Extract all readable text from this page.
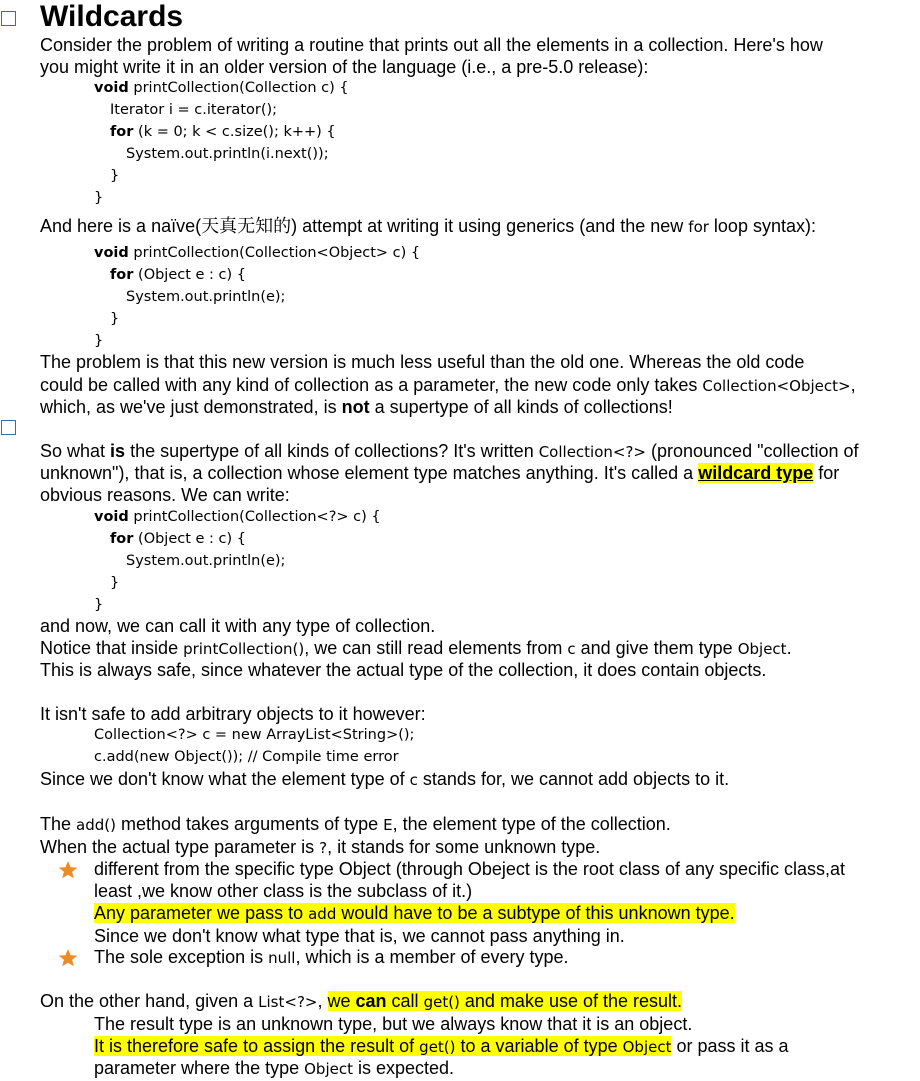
Wildcards
Consider the problem of writing a routine that prints out all the elements in a collection. Here's how
you might write it in an older version of the language (i.e., a pre-5.0 release):
void printCollection(Collection c) {
Iterator i = c.iterator();
for (k = 0; k < c.size(); k++) {
System.out.println(i.next());
}
}
And here is a naïve(天真无知的) attempt at writing it using generics (and the new for loop syntax):
void printCollection(Collection<Object> c) {
for (Object e : c) {
System.out.println(e);
}
}
The problem is that this new version is much less useful than the old one. Whereas the old code
could be called with any kind of collection as a parameter, the new code only takes Collection<Object>,
which, as we've just demonstrated, is not a supertype of all kinds of collections!
So what is the supertype of all kinds of collections? It's written Collection<?> (pronounced "collection of
unknown"), that is, a collection whose element type matches anything. It's called a wildcard type for
obvious reasons. We can write:
void printCollection(Collection<?> c) {
for (Object e : c) {
System.out.println(e);
}
}
and now, we can call it with any type of collection.
Notice that inside printCollection(), we can still read elements from c and give them type Object.
This is always safe, since whatever the actual type of the collection, it does contain objects.
It isn't safe to add arbitrary objects to it however:
Collection<?> c = new ArrayList<String>();
c.add(new Object()); // Compile time error
Since we don't know what the element type of c stands for, we cannot add objects to it.
The add() method takes arguments of type E, the element type of the collection.
When the actual type parameter is ?, it stands for some unknown type.
different from the specific type Object (through Obeject is the root class of any specific class,at
least ,we know other class is the subclass of it.)
Any parameter we pass to add would have to be a subtype of this unknown type.
Since we don't know what type that is, we cannot pass anything in.
The sole exception is null, which is a member of every type.
On the other hand, given a List<?>, we can call get() and make use of the result.
The result type is an unknown type, but we always know that it is an object.
It is therefore safe to assign the result of get() to a variable of type Object or pass it as a
parameter where the type Object is expected.
